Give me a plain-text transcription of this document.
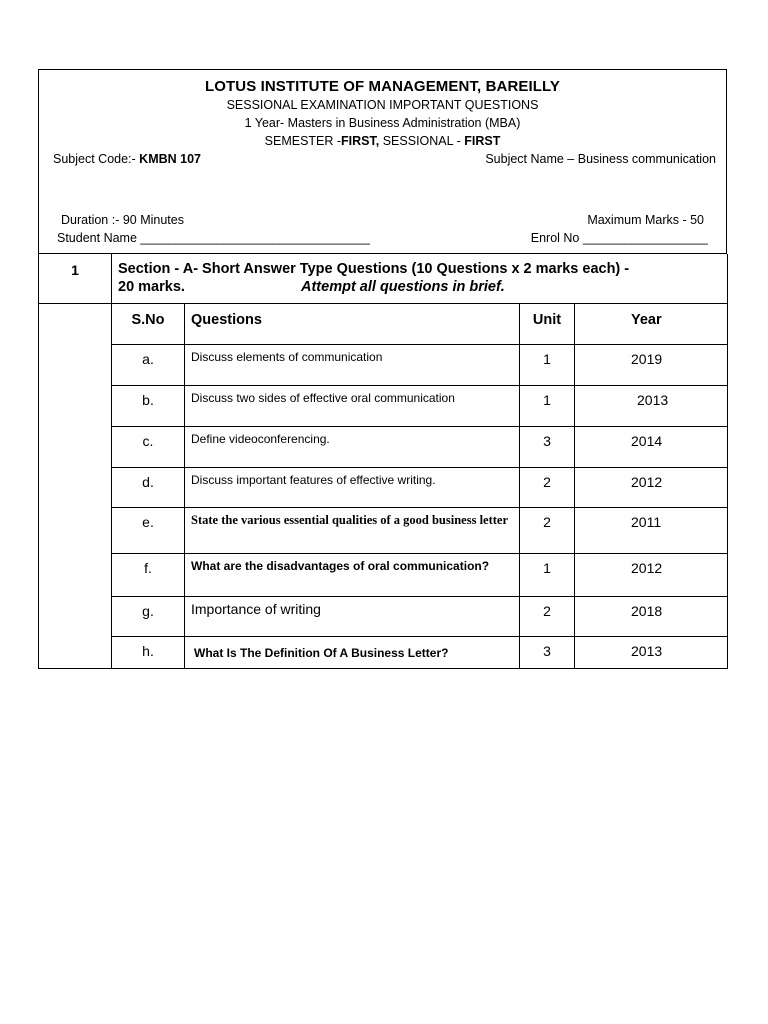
LOTUS INSTITUTE OF MANAGEMENT, BAREILLY
SESSIONAL EXAMINATION IMPORTANT QUESTIONS
1 Year- Masters in Business Administration (MBA)
SEMESTER -FIRST, SESSIONAL - FIRST
Subject Code:- KMBN 107	Subject Name – Business communication
Duration :- 90 Minutes	Maximum Marks - 50
Student Name _________________________________	Enrol No __________________
1	Section - A- Short Answer Type Questions (10 Questions x 2 marks each) -
20 marks. Attempt all questions in brief.			

	S.No	Questions	Unit	Year
	a.	Discuss elements of communication	1	2019
	b.	Discuss two sides of effective oral communication	1	2013
	c.	Define videoconferencing.	3	2014
	d.	Discuss important features of effective writing.	2	2012
	e.	State the various essential qualities of a good business letter	2	2011
	f.	What are the disadvantages of oral communication?	1	2012
	g.	Importance of writing	2	2018
	h.	What Is The Definition Of A Business Letter?	3	2013
